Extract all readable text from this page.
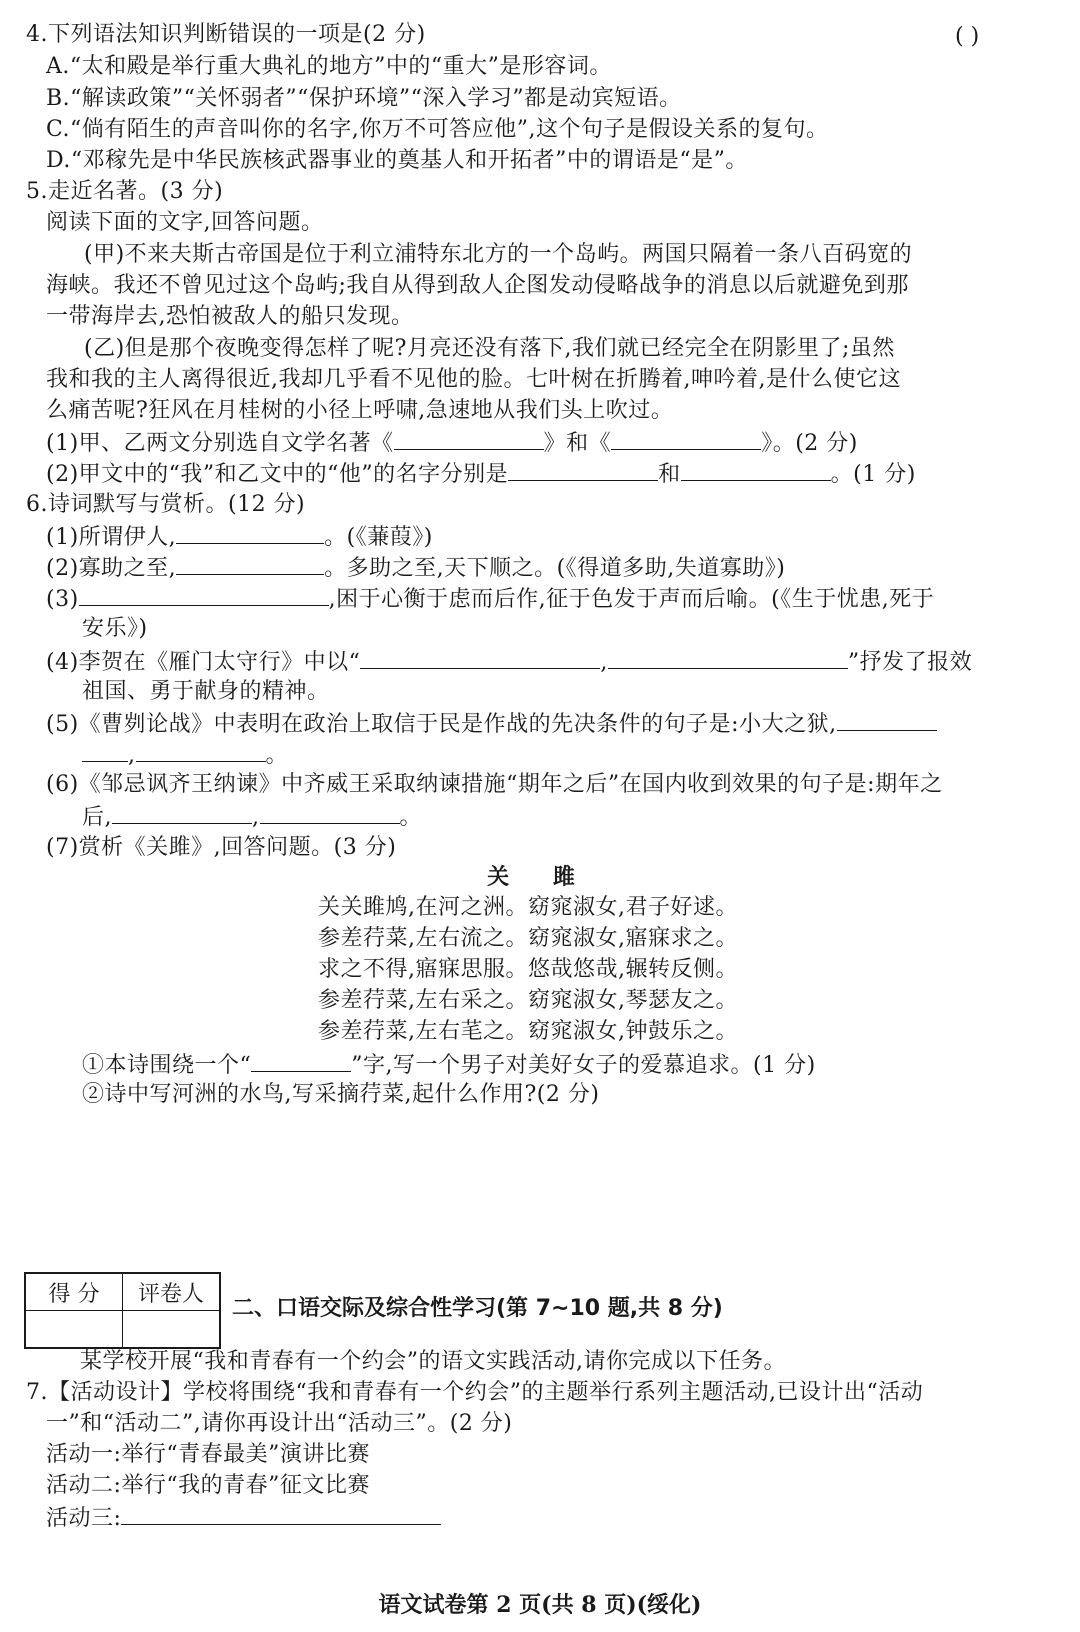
4.下列语法知识判断错误的一项是(2 分)	( )
A.“太和殿是举行重大典礼的地方”中的“重大”是形容词。
B.“解读政策”“关怀弱者”“保护环境”“深入学习”都是动宾短语。
C.“倘有陌生的声音叫你的名字,你万不可答应他”,这个句子是假设关系的复句。
D.“邓稼先是中华民族核武器事业的奠基人和开拓者”中的谓语是“是”。
5.走近名著。(3 分)
阅读下面的文字,回答问题。
(甲)不来夫斯古帝国是位于利立浦特东北方的一个岛屿。两国只隔着一条八百码宽的
海峡。我还不曾见过这个岛屿;我自从得到敌人企图发动侵略战争的消息以后就避免到那
一带海岸去,恐怕被敌人的船只发现。
(乙)但是那个夜晚变得怎样了呢?月亮还没有落下,我们就已经完全在阴影里了;虽然
我和我的主人离得很近,我却几乎看不见他的脸。七叶树在折腾着,呻吟着,是什么使它这
么痛苦呢?狂风在月桂树的小径上呼啸,急速地从我们头上吹过。
(1)甲、乙两文分别选自文学名著《	》和《	》。(2 分)
(2)甲文中的“我”和乙文中的“他”的名字分别是	和	。(1 分)
6.诗词默写与赏析。(12 分)
(1)所谓伊人,	。(《蒹葭》)
(2)寡助之至,	。多助之至,天下顺之。(《得道多助,失道寡助》)
(3)	,困于心衡于虑而后作,征于色发于声而后喻。(《生于忧患,死于
安乐》)
(4)李贺在《雁门太守行》中以“	,	”抒发了报效
祖国、勇于献身的精神。
(5)《曹刿论战》中表明在政治上取信于民是作战的先决条件的句子是:小大之狱,
,	。
(6)《邹忌讽齐王纳谏》中齐威王采取纳谏措施“期年之后”在国内收到效果的句子是:期年之
后,	,	。
(7)赏析《关雎》,回答问题。(3 分)
关 雎
关关雎鸠,在河之洲。窈窕淑女,君子好逑。
参差荇菜,左右流之。窈窕淑女,寤寐求之。
求之不得,寤寐思服。悠哉悠哉,辗转反侧。
参差荇菜,左右采之。窈窕淑女,琴瑟友之。
参差荇菜,左右芼之。窈窕淑女,钟鼓乐之。
①本诗围绕一个“	”字,写一个男子对美好女子的爱慕追求。(1 分)
②诗中写河洲的水鸟,写采摘荇菜,起什么作用?(2 分)
得 分	评卷人

二、口语交际及综合性学习(第 7~10 题,共 8 分)
某学校开展“我和青春有一个约会”的语文实践活动,请你完成以下任务。
7.【活动设计】学校将围绕“我和青春有一个约会”的主题举行系列主题活动,已设计出“活动
一”和“活动二”,请你再设计出“活动三”。(2 分)
活动一:举行“青春最美”演讲比赛
活动二:举行“我的青春”征文比赛
活动三:
语文试卷第 2 页(共 8 页)(绥化)
